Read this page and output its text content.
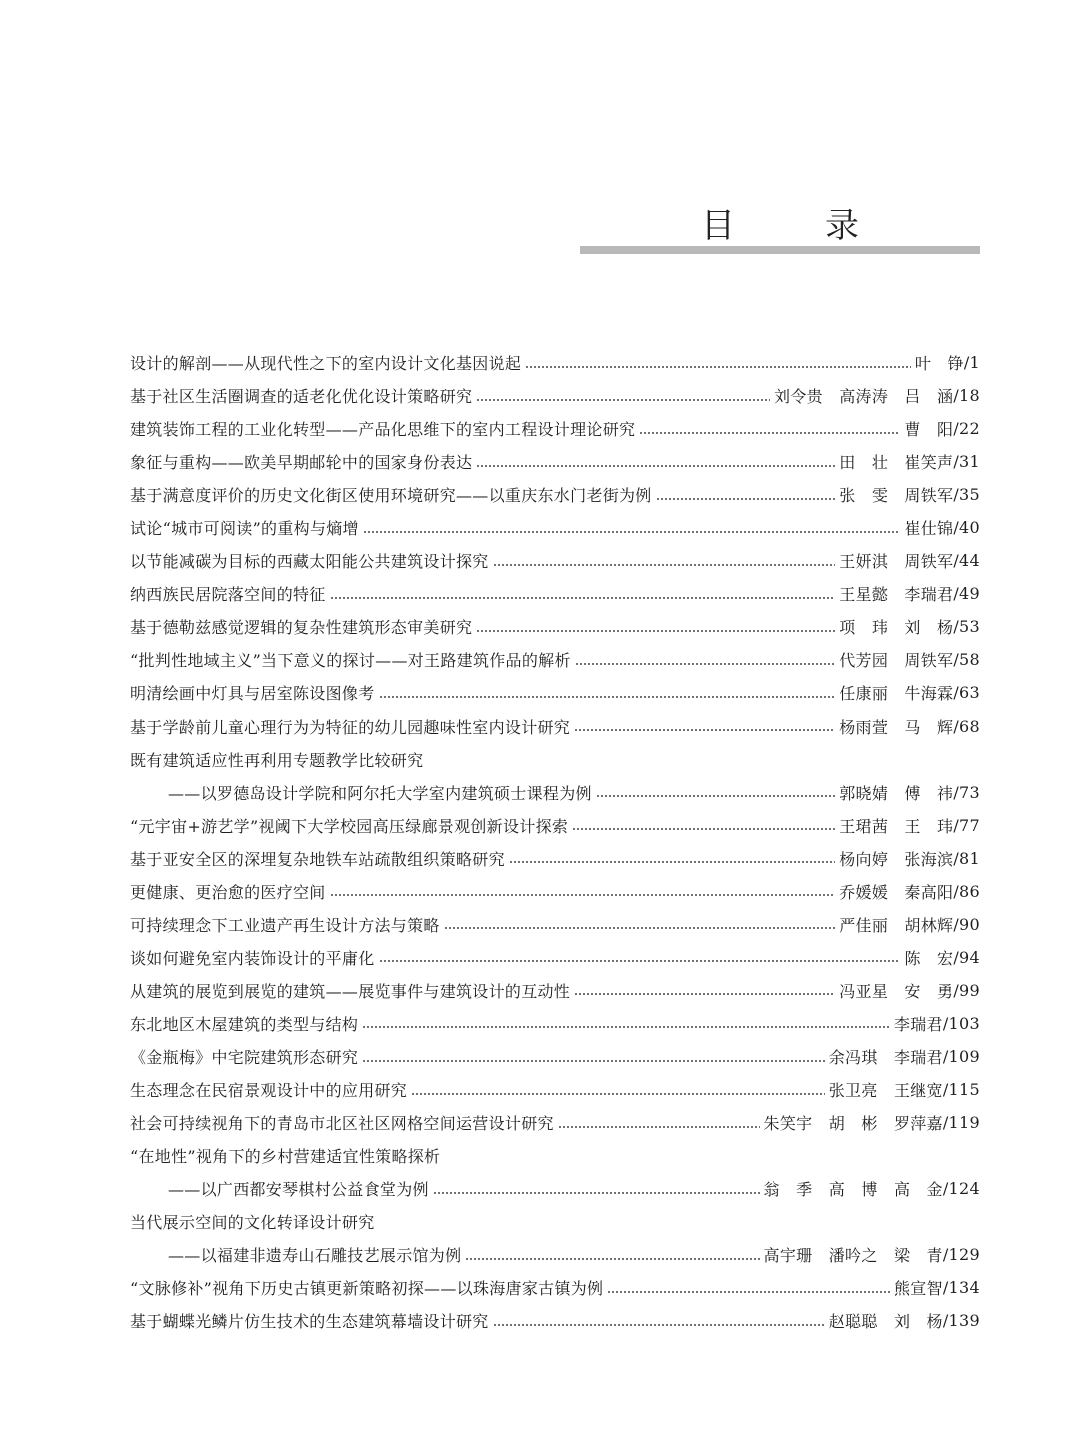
目　录
设计的解剖——从现代性之下的室内设计文化基因说起	叶　铮 /1
基于社区生活圈调查的适老化优化设计策略研究	刘令贵　高涛涛　吕　涵 /18
建筑装饰工程的工业化转型——产品化思维下的室内工程设计理论研究	曹　阳 /22
象征与重构——欧美早期邮轮中的国家身份表达	田　壮　崔笑声 /31
基于满意度评价的历史文化街区使用环境研究——以重庆东水门老街为例	张　雯　周铁军 /35
试论“城市可阅读”的重构与熵增	崔仕锦 /40
以节能减碳为目标的西藏太阳能公共建筑设计探究	王妍淇　周铁军 /44
纳西族民居院落空间的特征	王星懿　李瑞君 /49
基于德勒兹感觉逻辑的复杂性建筑形态审美研究	项　玮　刘　杨 /53
“批判性地域主义”当下意义的探讨——对王路建筑作品的解析	代芳园　周铁军 /58
明清绘画中灯具与居室陈设图像考	任康丽　牛海霖 /63
基于学龄前儿童心理行为为特征的幼儿园趣味性室内设计研究	杨雨萱　马　辉 /68
既有建筑适应性再利用专题教学比较研究
——以罗德岛设计学院和阿尔托大学室内建筑硕士课程为例	郭晓婧　傅　祎 /73
“元宇宙+游艺学”视阈下大学校园高压绿廊景观创新设计探索	王珺茜　王　玮 /77
基于亚安全区的深埋复杂地铁车站疏散组织策略研究	杨向婷　张海滨 /81
更健康、更治愈的医疗空间	乔媛媛　秦高阳 /86
可持续理念下工业遗产再生设计方法与策略	严佳丽　胡林辉 /90
谈如何避免室内装饰设计的平庸化	陈　宏 /94
从建筑的展览到展览的建筑——展览事件与建筑设计的互动性	冯亚星　安　勇 /99
东北地区木屋建筑的类型与结构	李瑞君 /103
《金瓶梅》中宅院建筑形态研究	余冯琪　李瑞君 /109
生态理念在民宿景观设计中的应用研究	张卫亮　王继宽 /115
社会可持续视角下的青岛市北区社区网格空间运营设计研究	朱笑宇　胡　彬　罗萍嘉 /119
“在地性”视角下的乡村营建适宜性策略探析
——以广西都安琴棋村公益食堂为例	翁　季　高　博　高　金 /124
当代展示空间的文化转译设计研究
——以福建非遗寿山石雕技艺展示馆为例	高宇珊　潘吟之　梁　青 /129
“文脉修补”视角下历史古镇更新策略初探——以珠海唐家古镇为例	熊宣智 /134
基于蝴蝶光鳞片仿生技术的生态建筑幕墙设计研究	赵聪聪　刘　杨 /139
